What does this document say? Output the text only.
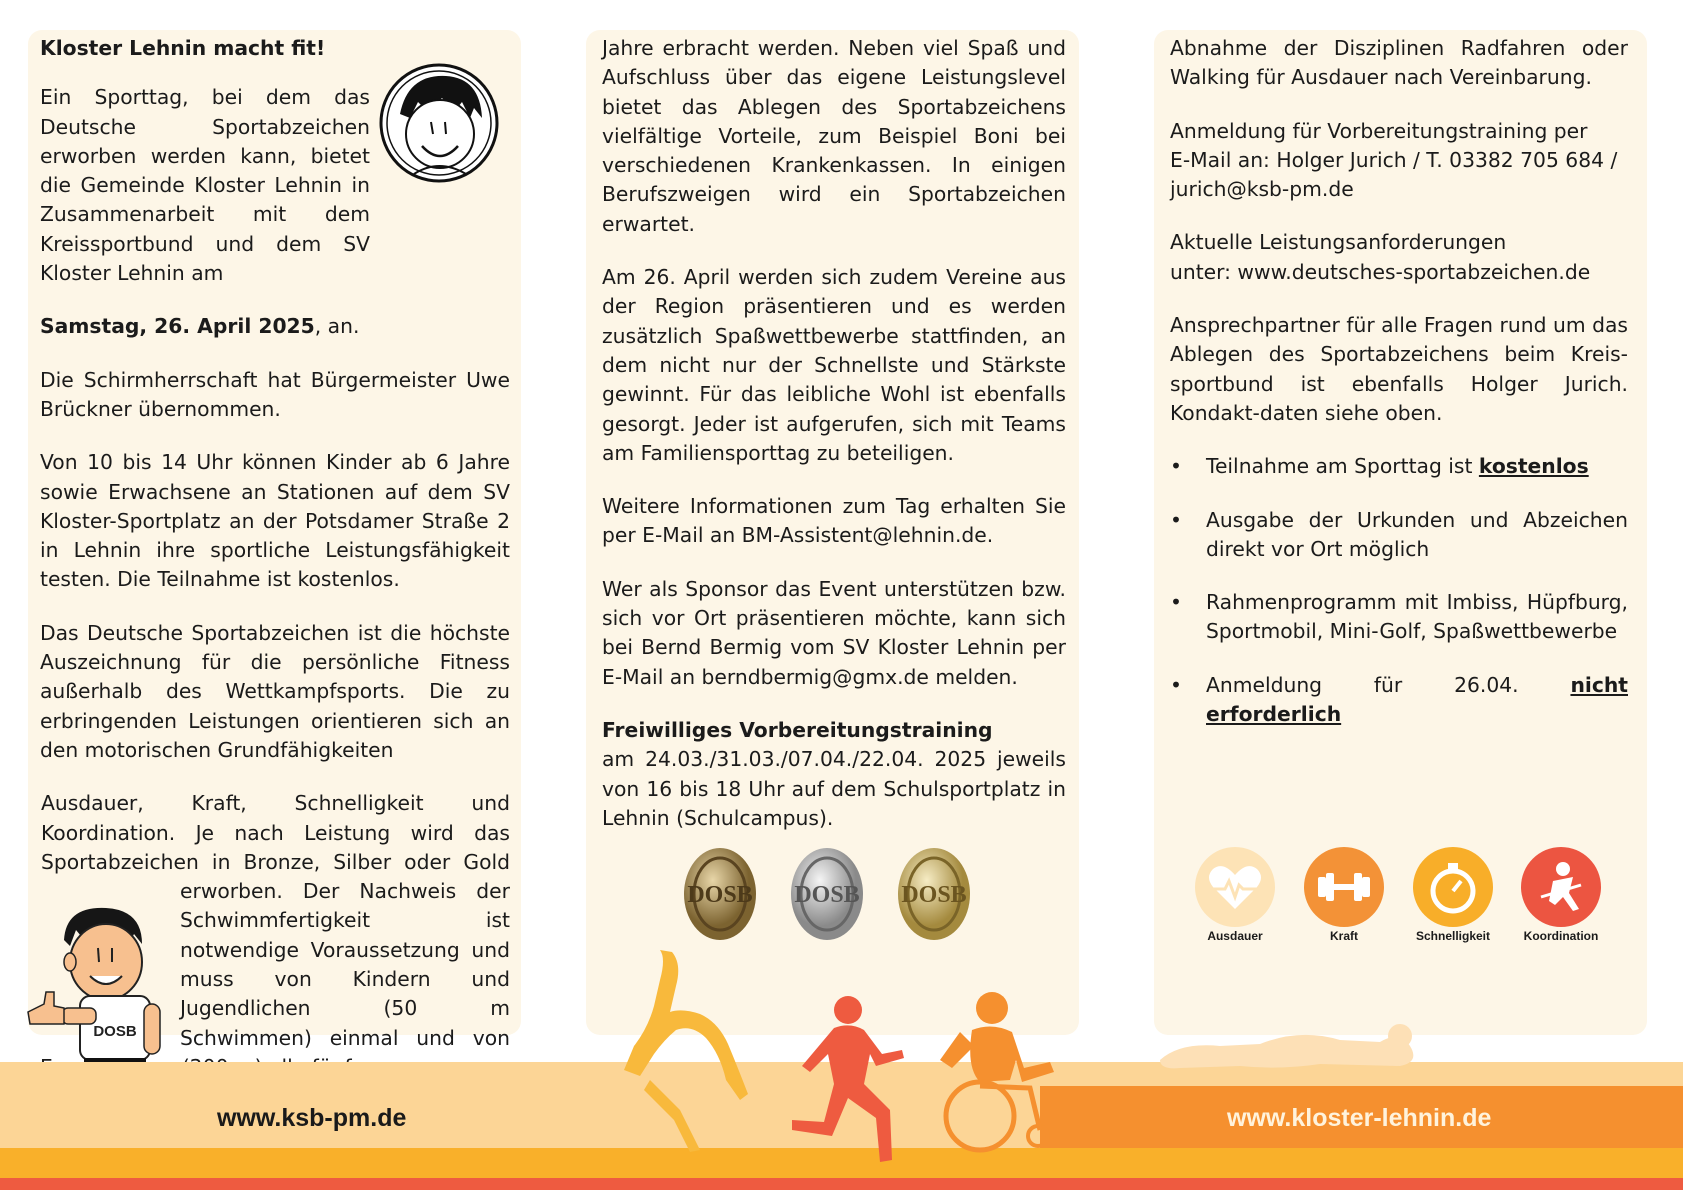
Kloster Lehnin macht fit!

Ein Sporttag, bei dem das Deutsche Sportabzeichen erworben werden kann, bietet die Gemeinde Kloster Lehnin in Zusammenarbeit mit dem Kreissportbund und dem SV Kloster Lehnin am

Samstag, 26. April 2025, an.

Die Schirmherrschaft hat Bürgermeister Uwe Brückner übernommen.

Von 10 bis 14 Uhr können Kinder ab 6 Jahre sowie Erwachsene an Stationen auf dem SV Kloster-Sportplatz an der Potsdamer Straße 2 in Lehnin ihre sportliche Leistungsfähigkeit testen. Die Teilnahme ist kostenlos.

Das Deutsche Sportabzeichen ist die höchste Auszeichnung für die persönliche Fitness außerhalb des Wettkampfsports. Die zu erbringenden Leistungen orientieren sich an den motorischen Grundfähigkeiten

Ausdauer, Kraft, Schnelligkeit und Koordination. Je nach Leistung wird das Sportabzeichen in Bronze, Silber oder Gold erworben. Der Nachweis der Schwimmfertigkeit ist notwendige Voraussetzung und muss von Kindern und Jugendlichen (50 m Schwimmen) einmal und von

DOSB

Jahre erbracht werden. Neben viel Spaß und Aufschluss über das eigene Leistungslevel bietet das Ablegen des Sportabzeichens vielfältige Vorteile, zum Beispiel Boni bei verschiedenen Krankenkassen. In einigen Berufszweigen wird ein Sportabzeichen erwartet.

Am 26. April werden sich zudem Vereine aus der Region präsentieren und es werden zusätzlich Spaßwettbewerbe stattfinden, an dem nicht nur der Schnellste und Stärkste gewinnt. Für das leibliche Wohl ist ebenfalls gesorgt. Jeder ist aufgerufen, sich mit Teams am Familiensporttag zu beteiligen.

Weitere Informationen zum Tag erhalten Sie per E-Mail an BM-Assistent@lehnin.de.

Wer als Sponsor das Event unterstützen bzw. sich vor Ort präsentieren möchte, kann sich bei Bernd Bermig vom SV Kloster Lehnin per E-Mail an berndbermig@gmx.de melden.

Freiwilliges Vorbereitungstraining
am 24.03./31.03./07.04./22.04. 2025 jeweils von 16 bis 18 Uhr auf dem Schulsportplatz in Lehnin (Schulcampus).

DOSB DOSB DOSB

Abnahme der Disziplinen Radfahren oder Walking für Ausdauer nach Vereinbarung.

Anmeldung für Vorbereitungstraining per
E-Mail an: Holger Jurich / T. 03382 705 684 /
jurich@ksb-pm.de

Aktuelle Leistungsanforderungen
unter: www.deutsches-sportabzeichen.de

Ansprechpartner für alle Fragen rund um das Ablegen des Sportabzeichens beim Kreis-sportbund ist ebenfalls Holger Jurich. Kondakt-daten siehe oben.

• Teilnahme am Sporttag ist kostenlos
• Ausgabe der Urkunden und Abzeichen direkt vor Ort möglich
• Rahmenprogramm mit Imbiss, Hüpfburg, Sportmobil, Mini-Golf, Spaßwettbewerbe
• Anmeldung für 26.04. nicht erforderlich
Ausdauer	Kraft	Schnelligkeit	Koordination
www.ksb-pm.de	www.kloster-lehnin.de
